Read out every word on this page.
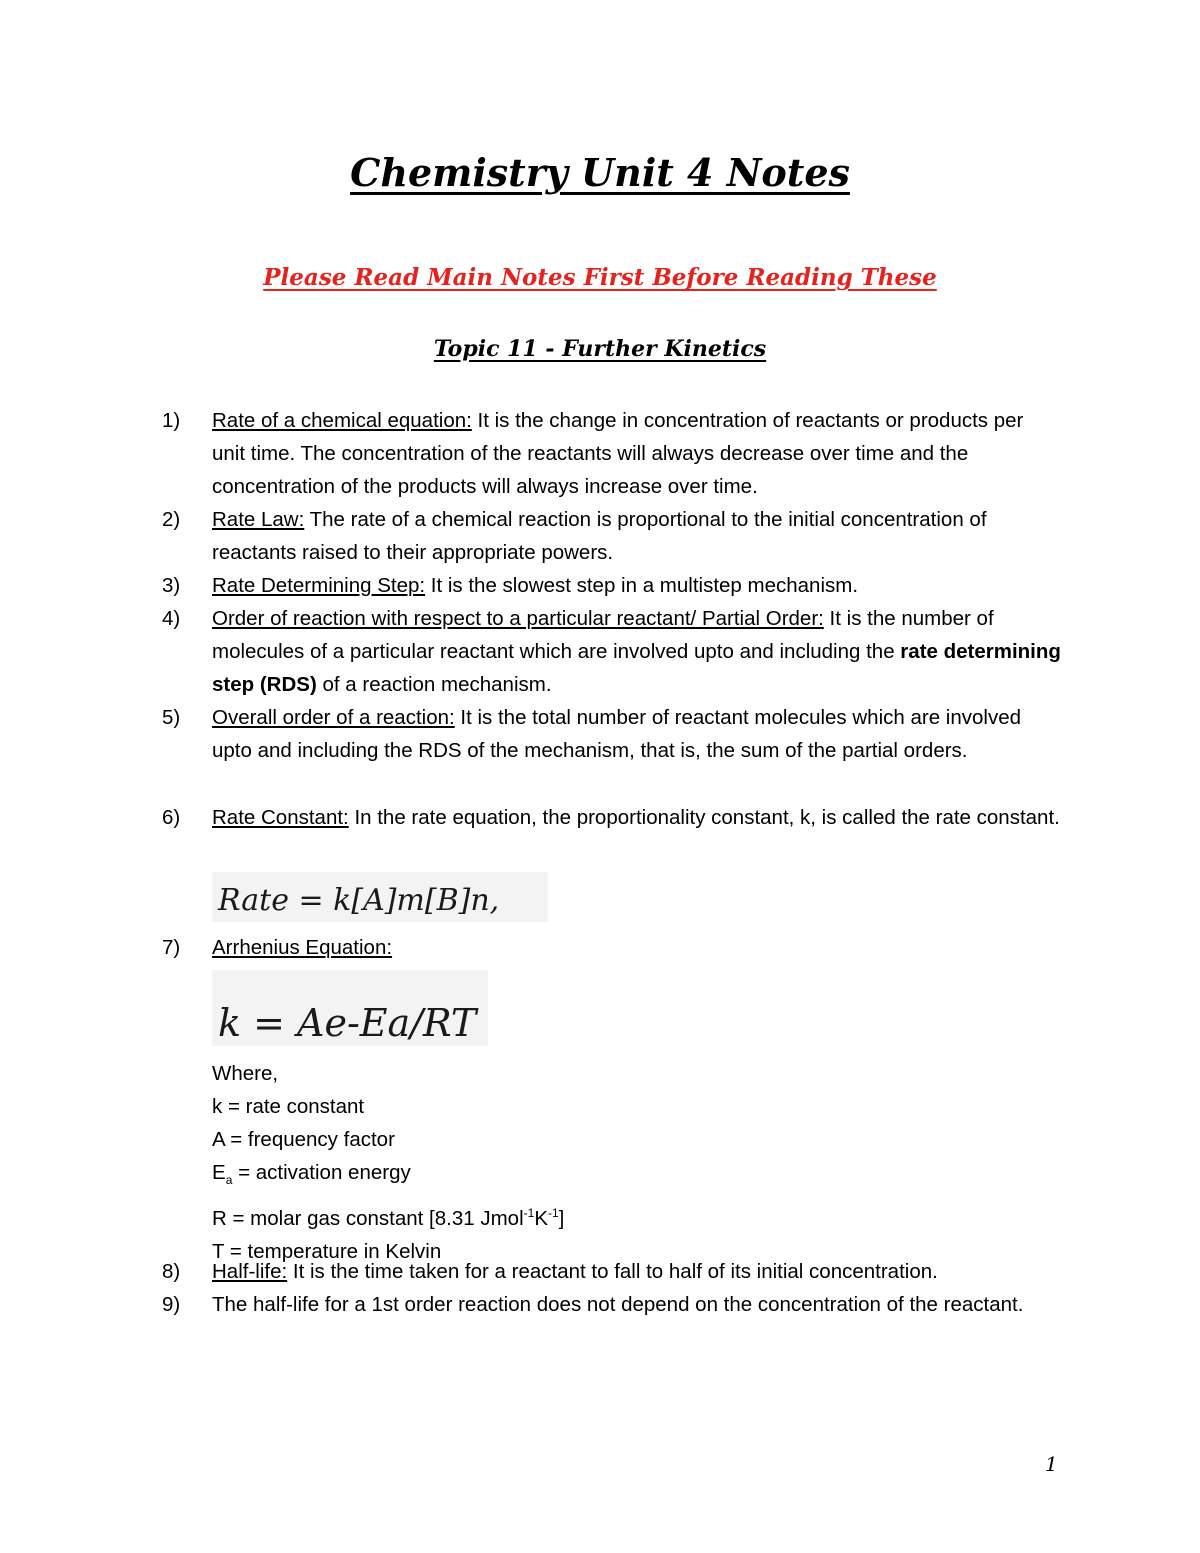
Chemistry Unit 4 Notes
Please Read Main Notes First Before Reading These
Topic 11 - Further Kinetics
1)	Rate of a chemical equation: It is the change in concentration of reactants or products per unit time. The concentration of the reactants will always decrease over time and the concentration of the products will always increase over time.
2)	Rate Law: The rate of a chemical reaction is proportional to the initial concentration of reactants raised to their appropriate powers.
3)	Rate Determining Step: It is the slowest step in a multistep mechanism.
4)	Order of reaction with respect to a particular reactant/ Partial Order: It is the number of molecules of a particular reactant which are involved upto and including the rate determining step (RDS) of a reaction mechanism.
5)	Overall order of a reaction: It is the total number of reactant molecules which are involved upto and including the RDS of the mechanism, that is, the sum of the partial orders.
6)	Rate Constant: In the rate equation, the proportionality constant, k, is called the rate constant.
Rate = k[A]m[B]n,
7)	Arrhenius Equation:
k = Ae-Ea/RT
Where,
k = rate constant
A = frequency factor
$E_a$ = activation energy
R = molar gas constant [8.31 $Jmol^{-1}K^{-1}$]
T = temperature in Kelvin
8)	Half-life: It is the time taken for a reactant to fall to half of its initial concentration.
9)	The half-life for a 1st order reaction does not depend on the concentration of the reactant.
1
